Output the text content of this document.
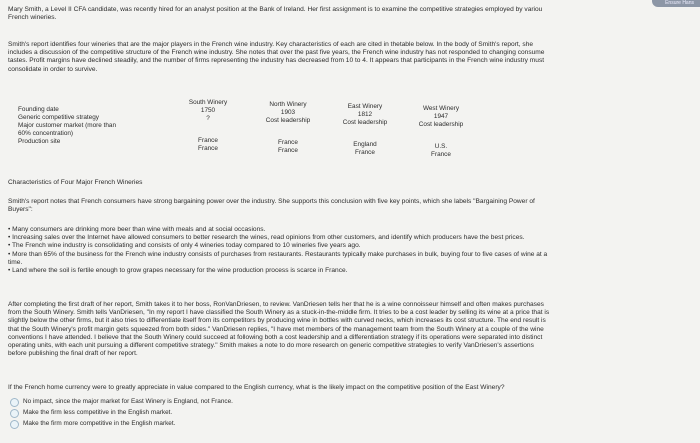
Ensure Hans
Mary Smith, a Level II CFA candidate, was recently hired for an analyst position at the Bank of Ireland. Her first assignment is to examine the competitive strategies employed by variou
French wineries.
Smith's report identifies four wineries that are the major players in the French wine industry. Key characteristics of each are cited in thetable below. In the body of Smith's report, she
includes a discussion of the competitive structure of the French wine industry. She notes that over the past five years, the French wine industry has not responded to changing consume
tastes. Profit margins have declined steadily, and the number of firms representing the industry has decreased from 10 to 4. It appears that participants in the French wine industry must
consolidate in order to survive.
Founding date
Generic competitive strategy
Major customer market (more than 60% concentration)
Production site
South Winery
1750
?
France
France
North Winery
1903
Cost leadership
France
France
East Winery
1812
Cost leadership
England
France
West Winery
1947
Cost leadership
U.S.
France
Characteristics of Four Major French Wineries
Smith's report notes that French consumers have strong bargaining power over the industry. She supports this conclusion with five key points, which she labels "Bargaining Power of
Buyers":
• Many consumers are drinking more beer than wine with meals and at social occasions.
• Increasing sales over the Internet have allowed consumers to better research the wines, read opinions from other customers, and identify which producers have the best prices.
• The French wine industry is consolidating and consists of only 4 wineries today compared to 10 wineries five years ago.
• More than 65% of the business for the French wine industry consists of purchases from restaurants. Restaurants typically make purchases in bulk, buying four to five cases of wine at a
time.
• Land where the soil is fertile enough to grow grapes necessary for the wine production process is scarce in France.
After completing the first draft of her report, Smith takes it to her boss, RonVanDriesen, to review. VanDriesen tells her that he is a wine connoisseur himself and often makes purchases
from the South Winery. Smith tells VanDriesen, "In my report I have classified the South Winery as a stuck-in-the-middle firm. It tries to be a cost leader by selling its wine at a price that is
slightly below the other firms, but it also tries to differentiate itself from its competitors by producing wine in bottles with curved necks, which increases its cost structure. The end result is
that the South Winery's profit margin gets squeezed from both sides." VanDriesen replies, "I have met members of the management team from the South Winery at a couple of the wine
conventions I have attended. I believe that the South Winery could succeed at following both a cost leadership and a differentiation strategy if its operations were separated into distinct
operating units, with each unit pursuing a different competitive strategy." Smith makes a note to do more research on generic competitive strategies to verify VanDriesen's assertions
before publishing the final draft of her report.
If the French home currency were to greatly appreciate in value compared to the English currency, what is the likely impact on the competitive position of the East Winery?
No impact, since the major market for East Winery is England, not France.
Make the firm less competitive in the English market.
Make the firm more competitive in the English market.
